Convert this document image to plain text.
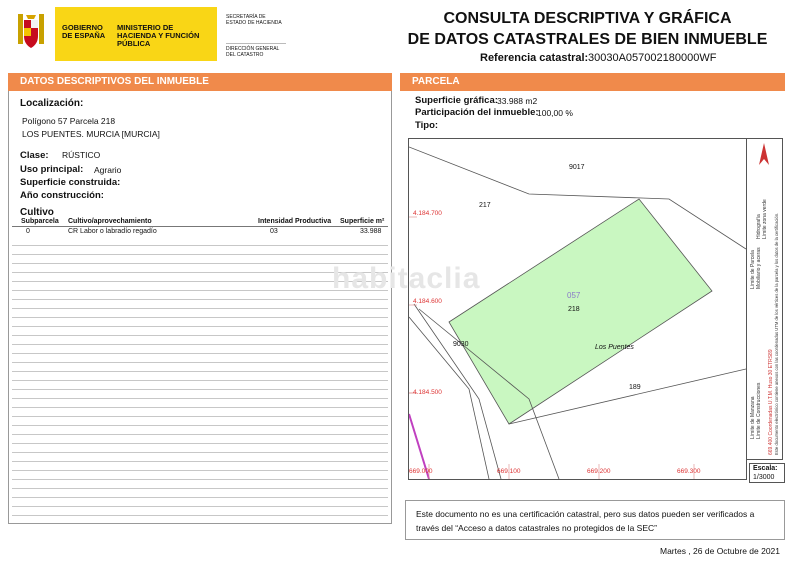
GOBIERNO DE ESPAÑA
MINISTERIO DE HACIENDA Y FUNCIÓN PÚBLICA
SECRETARÍA DE ESTADO DE HACIENDA
DIRECCIÓN GENERAL DEL CATASTRO
CONSULTA DESCRIPTIVA Y GRÁFICA
DE DATOS CATASTRALES DE BIEN INMUEBLE
Referencia catastral: 30030A057002180000WF
DATOS DESCRIPTIVOS DEL INMUEBLE
Localización:
Polígono 57 Parcela 218
LOS PUENTES. MURCIA [MURCIA]
Clase: RÚSTICO
Uso principal: Agrario
Superficie construida:
Año construcción:
Cultivo
Subparcela Cultivo/aprovechamiento	Intensidad Productiva Superficie m²
0	CR Labor o labradío regadío	03	33.988
PARCELA
Superficie gráfica: 33.988 m2
Participación del inmueble:
100,00 %
Tipo:
9017
217
057
218
9030	Los Puentes
189
4.184.700
4.184.600
4.184.500
669.000	669.100	669.200	669.300
habitaclia
Límite de Manzana
Límite de Parcela
Límite de Construcciones
Mobiliario y aceras
Límite zona verde
Hidrografía
669.400 Coordenadas U.T.M. Huso 30 ETRS89 Este documento electrónico contiene anexos con las coordenadas UTM de los vértices de la parcela y los datos de la certificación.
Escala:
1/3000
Este documento no es una certificación catastral, pero sus datos pueden ser verificados a
través del “Acceso a datos catastrales no protegidos de la SEC”
Martes , 26 de Octubre de 2021
